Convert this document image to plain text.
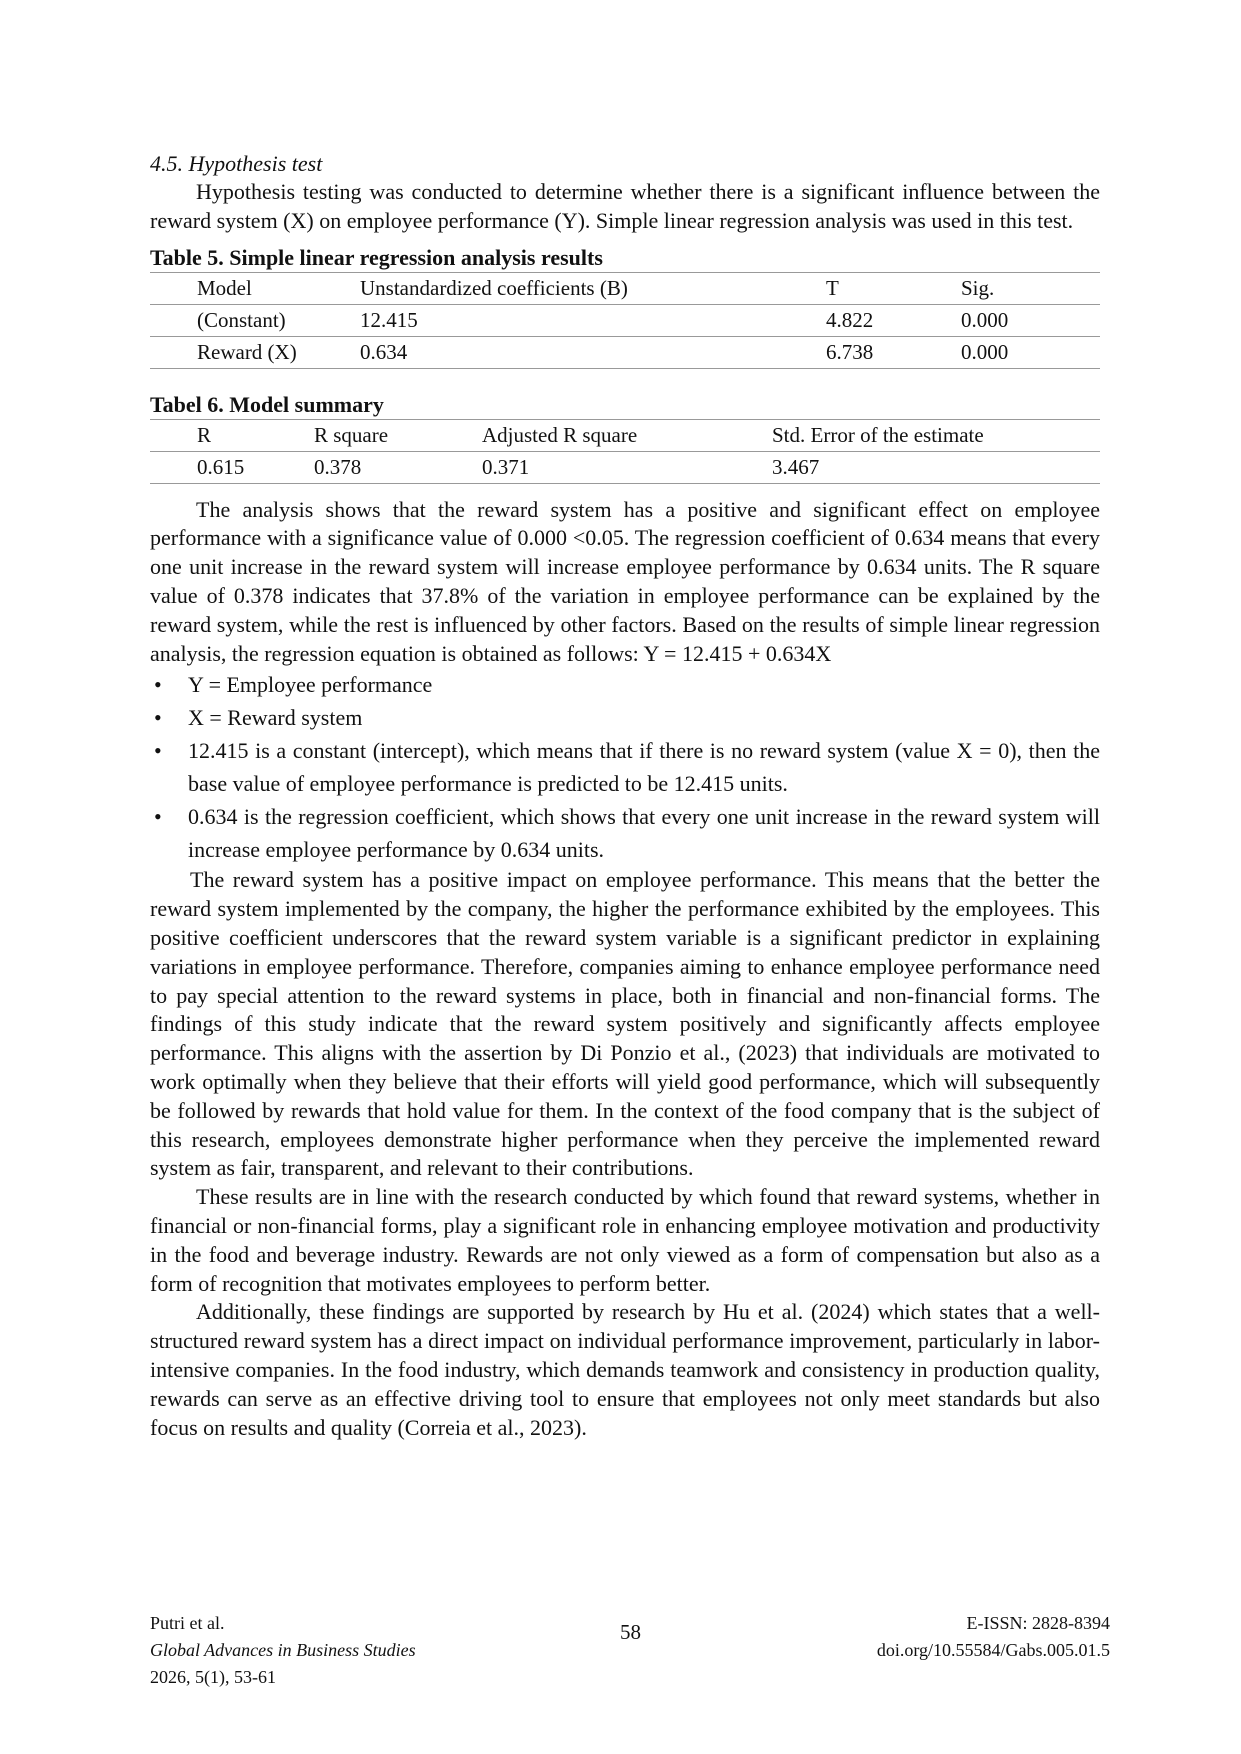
4.5. Hypothesis test

Hypothesis testing was conducted to determine whether there is a significant influence between the reward system (X) on employee performance (Y). Simple linear regression analysis was used in this test.

Table 5. Simple linear regression analysis results

Model	Unstandardized coefficients (B)	T	Sig.
(Constant)	12.415	4.822	0.000
Reward (X)	0.634	6.738	0.000

Tabel 6. Model summary

R	R square	Adjusted R square	Std. Error of the estimate
0.615	0.378	0.371	3.467

The analysis shows that the reward system has a positive and significant effect on employee performance with a significance value of 0.000 <0.05. The regression coefficient of 0.634 means that every one unit increase in the reward system will increase employee performance by 0.634 units. The R square value of 0.378 indicates that 37.8% of the variation in employee performance can be explained by the reward system, while the rest is influenced by other factors. Based on the results of simple linear regression analysis, the regression equation is obtained as follows: Y = 12.415 + 0.634X

• Y = Employee performance
• X = Reward system
• 12.415 is a constant (intercept), which means that if there is no reward system (value X = 0), then the base value of employee performance is predicted to be 12.415 units.
• 0.634 is the regression coefficient, which shows that every one unit increase in the reward system will increase employee performance by 0.634 units.

The reward system has a positive impact on employee performance. This means that the better the reward system implemented by the company, the higher the performance exhibited by the employees. This positive coefficient underscores that the reward system variable is a significant predictor in explaining variations in employee performance. Therefore, companies aiming to enhance employee performance need to pay special attention to the reward systems in place, both in financial and non-financial forms. The findings of this study indicate that the reward system positively and significantly affects employee performance. This aligns with the assertion by Di Ponzio et al., (2023) that individuals are motivated to work optimally when they believe that their efforts will yield good performance, which will subsequently be followed by rewards that hold value for them. In the context of the food company that is the subject of this research, employees demonstrate higher performance when they perceive the implemented reward system as fair, transparent, and relevant to their contributions.

These results are in line with the research conducted by which found that reward systems, whether in financial or non-financial forms, play a significant role in enhancing employee motivation and productivity in the food and beverage industry. Rewards are not only viewed as a form of compensation but also as a form of recognition that motivates employees to perform better.

Additionally, these findings are supported by research by Hu et al. (2024) which states that a well-structured reward system has a direct impact on individual performance improvement, particularly in labor-intensive companies. In the food industry, which demands teamwork and consistency in production quality, rewards can serve as an effective driving tool to ensure that employees not only meet standards but also focus on results and quality (Correia et al., 2023).

Putri et al.
Global Advances in Business Studies
2026, 5(1), 53-61
58	E-ISSN: 2828-8394
doi.org/10.55584/Gabs.005.01.5
